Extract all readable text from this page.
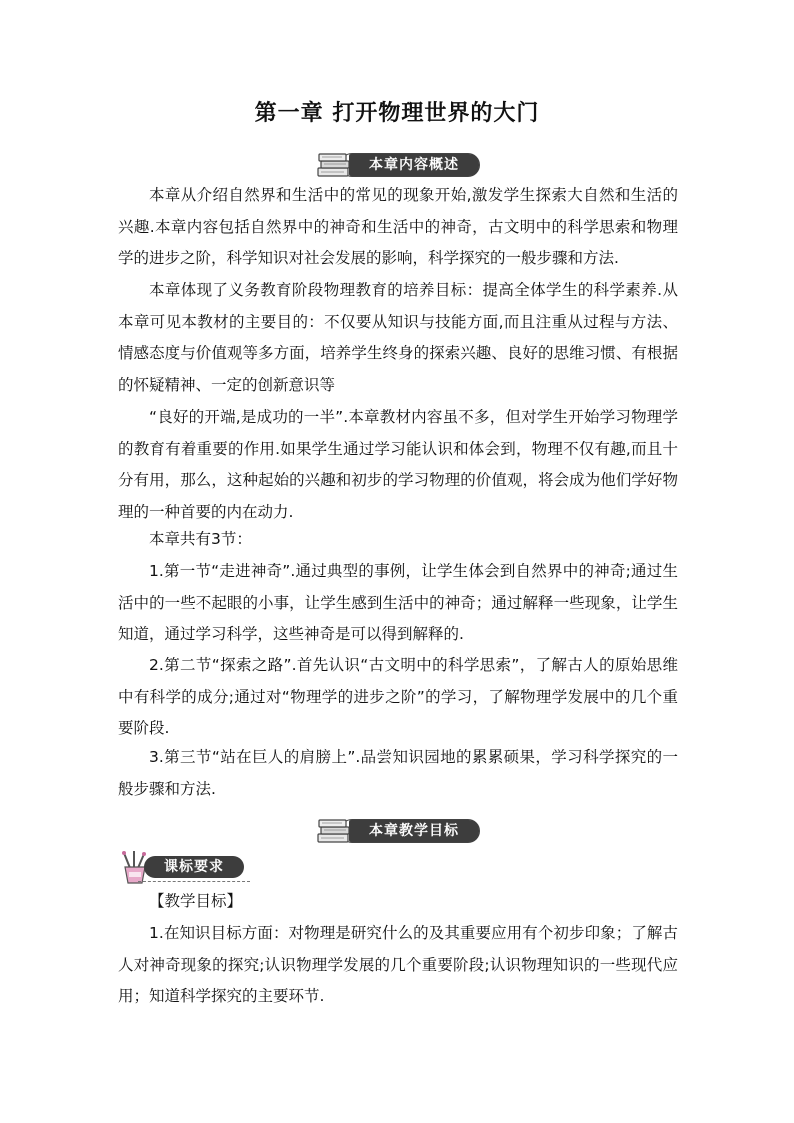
第一章 打开物理世界的大门
本章内容概述

本章从介绍自然界和生活中的常见的现象开始,激发学生探索大自然和生活的兴趣.本章内容包括自然界中的神奇和生活中的神奇，古文明中的科学思索和物理学的进步之阶，科学知识对社会发展的影响，科学探究的一般步骤和方法.

本章体现了义务教育阶段物理教育的培养目标：提高全体学生的科学素养.从本章可见本教材的主要目的：不仅要从知识与技能方面,而且注重从过程与方法、情感态度与价值观等多方面，培养学生终身的探索兴趣、良好的思维习惯、有根据的怀疑精神、一定的创新意识等

“良好的开端,是成功的一半”.本章教材内容虽不多，但对学生开始学习物理学的教育有着重要的作用.如果学生通过学习能认识和体会到，物理不仅有趣,而且十分有用，那么，这种起始的兴趣和初步的学习物理的价值观，将会成为他们学好物理的一种首要的内在动力.

本章共有3节：

1.第一节“走进神奇”.通过典型的事例，让学生体会到自然界中的神奇;通过生活中的一些不起眼的小事，让学生感到生活中的神奇；通过解释一些现象，让学生知道，通过学习科学，这些神奇是可以得到解释的.

2.第二节“探索之路”.首先认识“古文明中的科学思索”，了解古人的原始思维中有科学的成分;通过对“物理学的进步之阶”的学习，了解物理学发展中的几个重要阶段.

3.第三节“站在巨人的肩膀上”.品尝知识园地的累累硕果，学习科学探究的一般步骤和方法.

本章教学目标
课标要求

【教学目标】

1.在知识目标方面：对物理是研究什么的及其重要应用有个初步印象；了解古人对神奇现象的探究;认识物理学发展的几个重要阶段;认识物理知识的一些现代应用；知道科学探究的主要环节.
